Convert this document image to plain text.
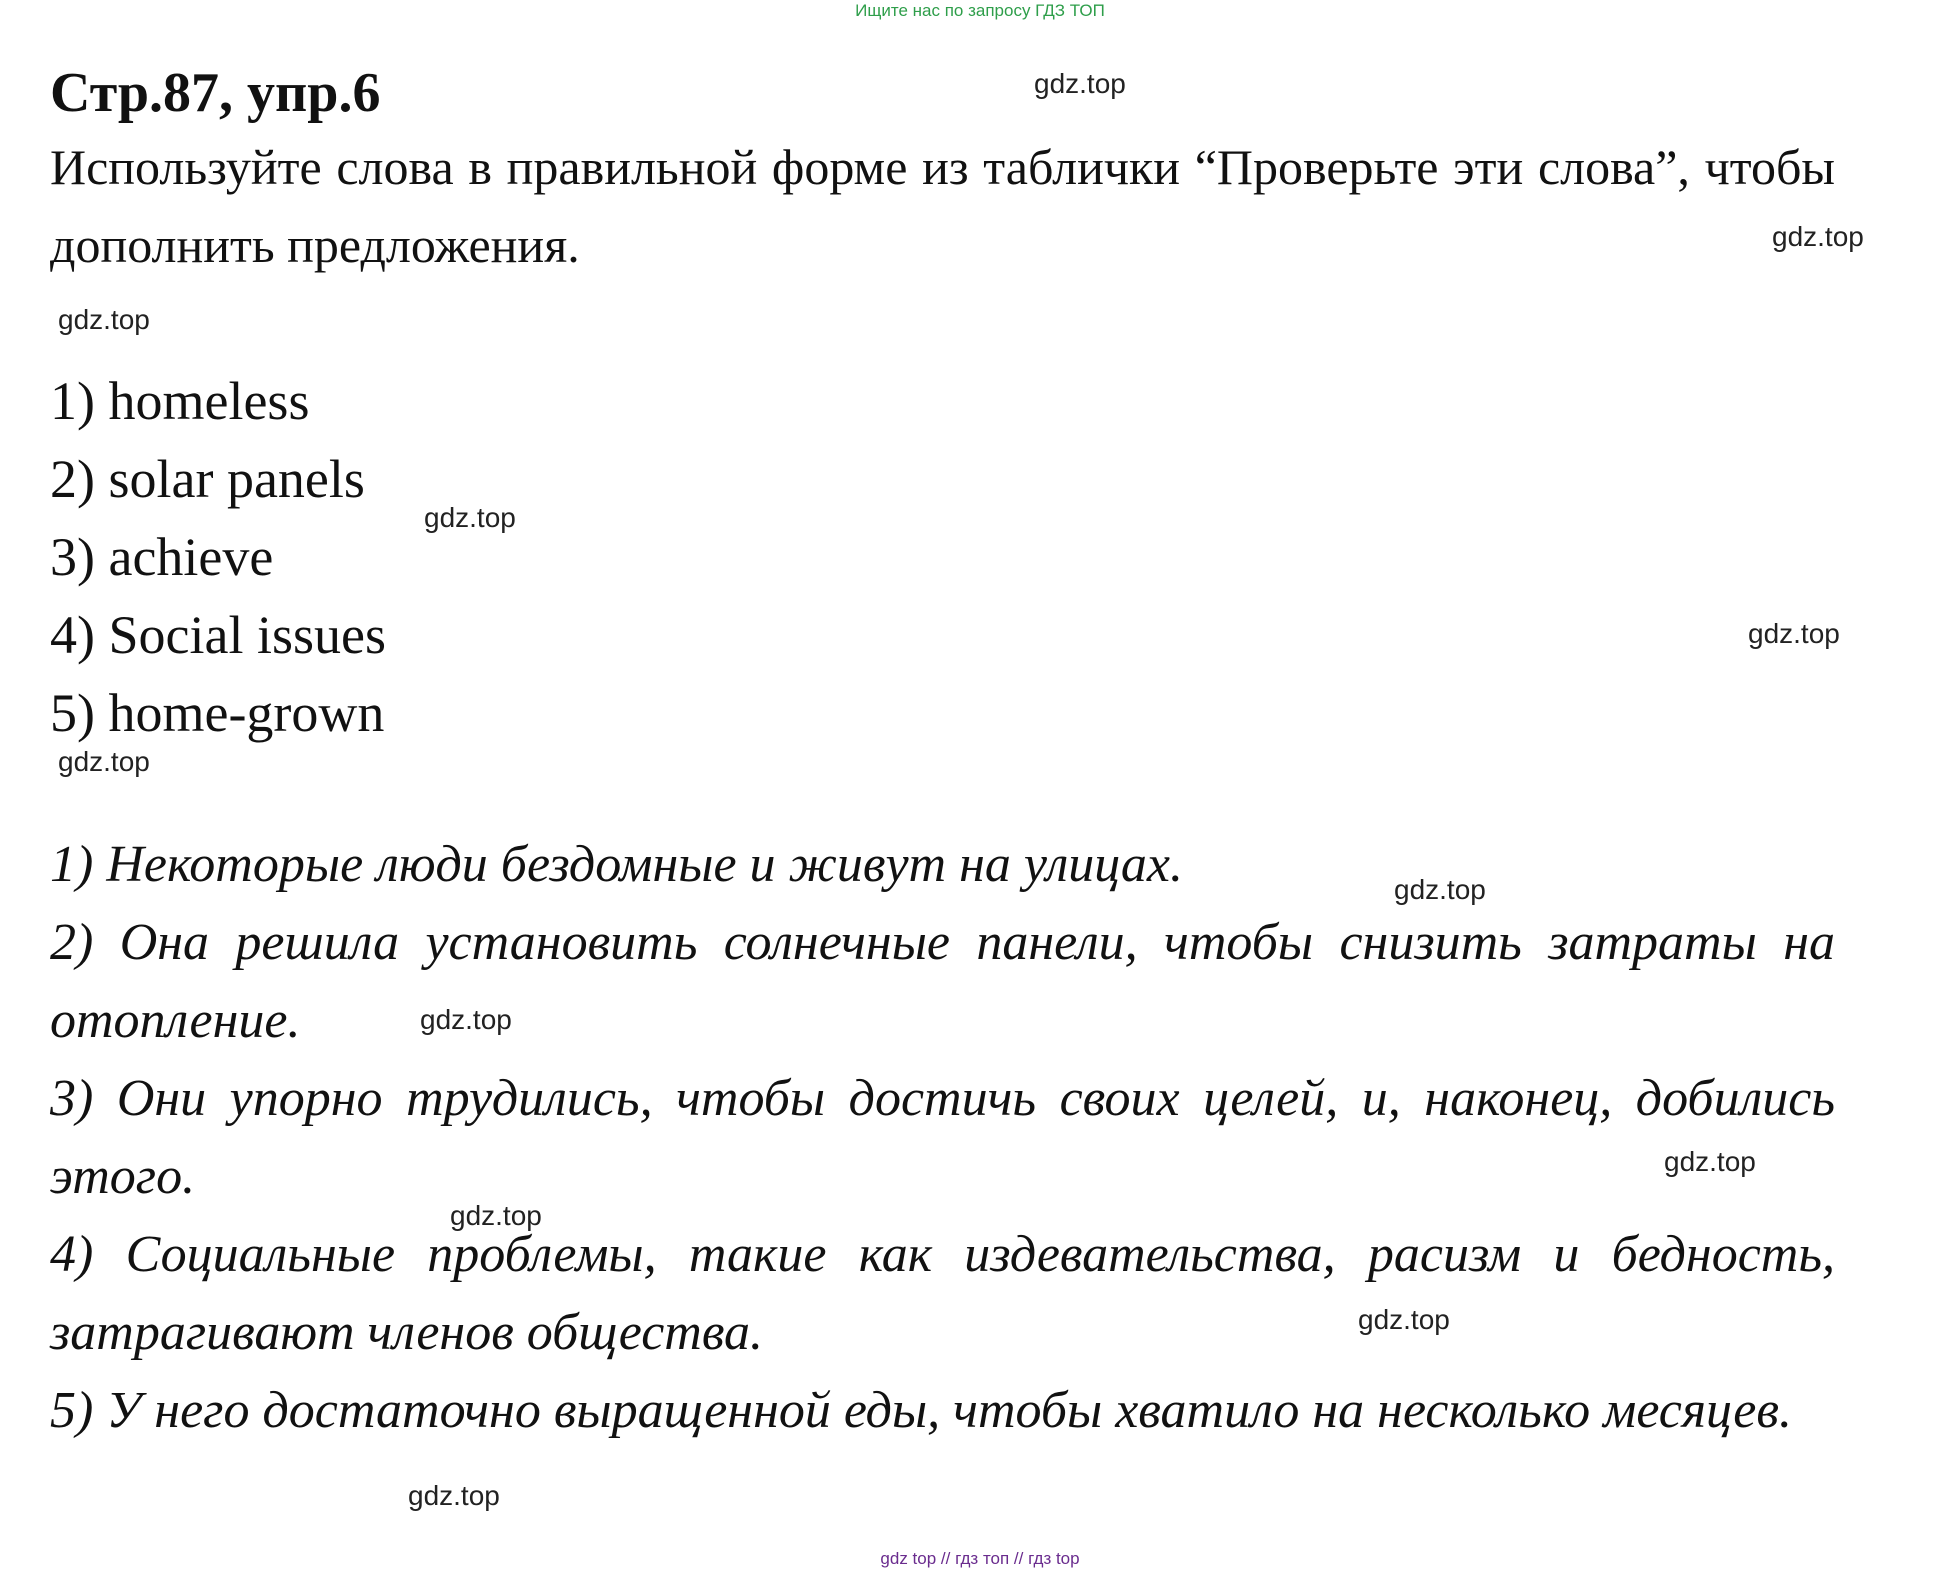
Ищите нас по запросу ГДЗ ТОП
Стр.87, упр.6

Используйте слова в правильной форме из таблички “Проверьте эти слова”, чтобы дополнить предложения.

1) homeless
2) solar panels
3) achieve
4) Social issues
5) home-grown

1) Некоторые люди бездомные и живут на улицах.

2) Она решила установить солнечные панели, чтобы снизить затраты на отопление.

3) Они упорно трудились, чтобы достичь своих целей, и, наконец, добились этого.

4) Социальные проблемы, такие как издевательства, расизм и бедность, затрагивают членов общества.

5) У него достаточно выращенной еды, чтобы хватило на несколько месяцев.

gdz.top
gdz.top
gdz.top
gdz.top
gdz.top
gdz.top
gdz.top
gdz.top
gdz.top
gdz.top
gdz.top
gdz.top
gdz top // гдз топ // гдз top
